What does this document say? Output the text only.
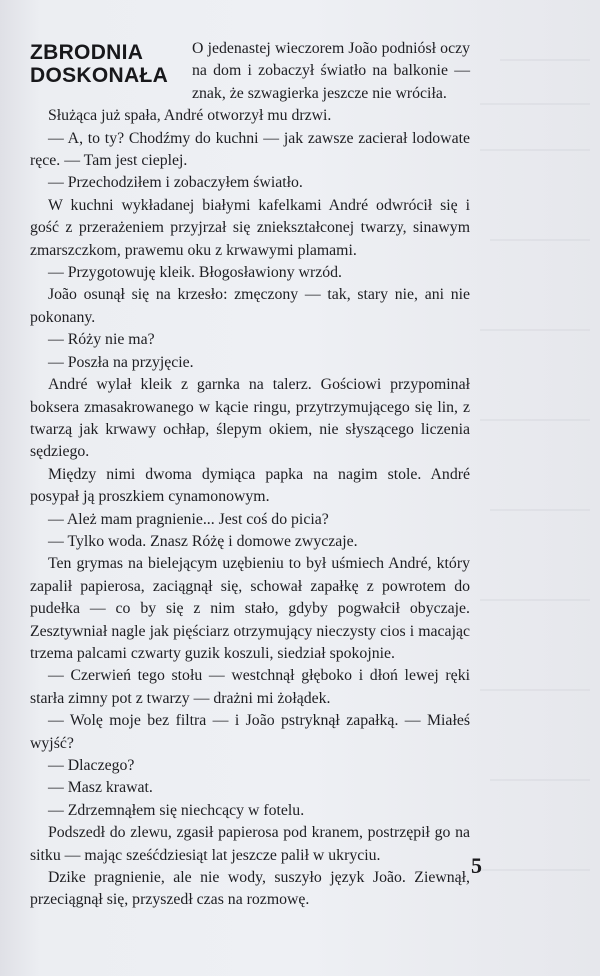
ZBRODNIA
DOSKONAŁA

O jedenastej wieczorem João podniósł oczy na dom i zobaczył światło na balkonie — znak, że szwagierka jeszcze nie wróciła.

Służąca już spała, André otworzył mu drzwi.

— A, to ty? Chodźmy do kuchni — jak zawsze zacierał lodowate ręce. — Tam jest cieplej.

— Przechodziłem i zobaczyłem światło.

W kuchni wykładanej białymi kafelkami André odwrócił się i gość z przerażeniem przyjrzał się zniekształconej twarzy, sinawym zmarszczkom, prawemu oku z krwawymi plamami.

— Przygotowuję kleik. Błogosławiony wrzód.

João osunął się na krzesło: zmęczony — tak, stary nie, ani nie pokonany.

— Róży nie ma?

— Poszła na przyjęcie.

André wylał kleik z garnka na talerz. Gościowi przypominał boksera zmasakrowanego w kącie ringu, przytrzymującego się lin, z twarzą jak krwawy ochłap, ślepym okiem, nie słyszącego liczenia sędziego.

Między nimi dwoma dymiąca papka na nagim stole. André posypał ją proszkiem cynamonowym.

— Ależ mam pragnienie... Jest coś do picia?

— Tylko woda. Znasz Różę i domowe zwyczaje.

Ten grymas na bielejącym uzębieniu to był uśmiech André, który zapalił papierosa, zaciągnął się, schował zapałkę z powrotem do pudełka — co by się z nim stało, gdyby pogwałcił obyczaje. Zesztywniał nagle jak pięściarz otrzymujący nieczysty cios i macając trzema palcami czwarty guzik koszuli, siedział spokojnie.

— Czerwień tego stołu — westchnął głęboko i dłoń lewej ręki starła zimny pot z twarzy — drażni mi żołądek.

— Wolę moje bez filtra — i João pstryknął zapałką. — Miałeś wyjść?

— Dlaczego?

— Masz krawat.

— Zdrzemnąłem się niechcący w fotelu.

Podszedł do zlewu, zgasił papierosa pod kranem, postrzępił go na sitku — mając sześćdziesiąt lat jeszcze palił w ukryciu.

Dzike pragnienie, ale nie wody, suszyło język João. Ziewnął, przeciągnął się, przyszedł czas na rozmowę.

5
